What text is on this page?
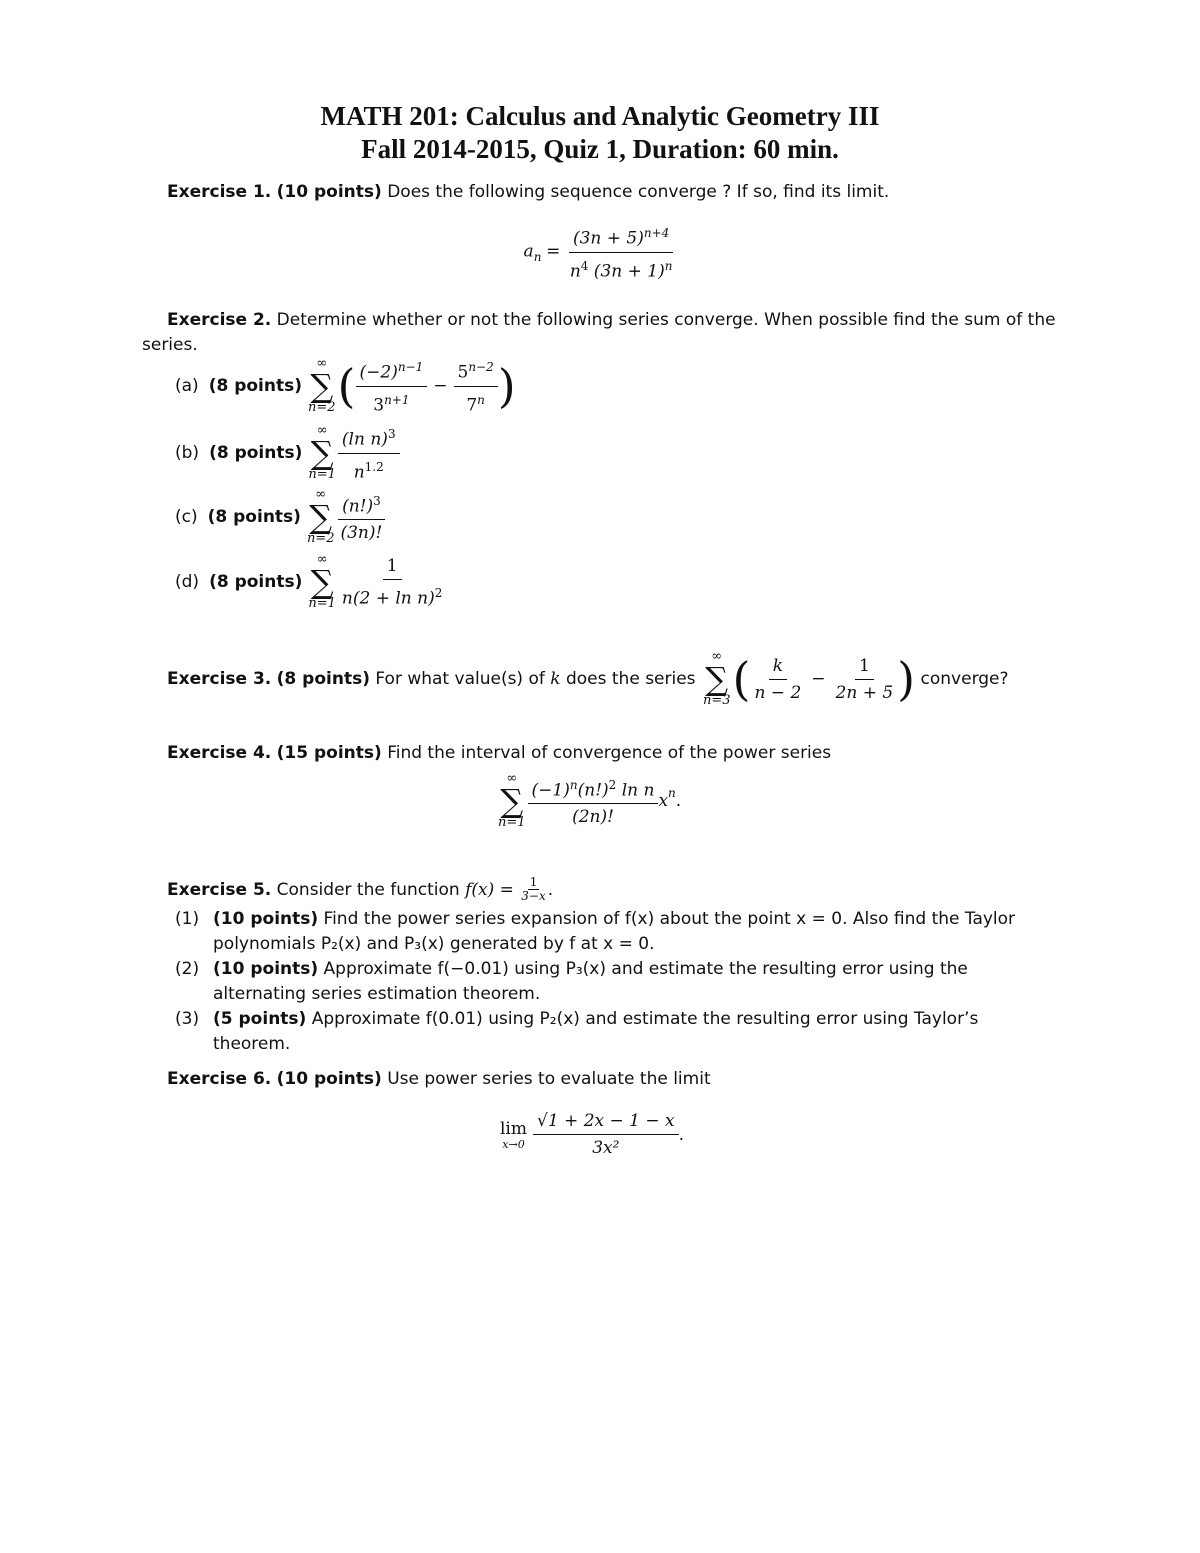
MATH 201: Calculus and Analytic Geometry III
Fall 2014-2015, Quiz 1, Duration: 60 min.
Exercise 1. (10 points) Does the following sequence converge ? If so, find its limit.
$a_n = \frac{(3n + 5)^{n+4}}{n^4 (3n + 1)^n}$
Exercise 2. Determine whether or not the following series converge. When possible find the sum of the series.
(a) (8 points)
∞
∑
n=2 ( $\frac{(-2)^{n-1}}{3^{n+1}} - \frac{5^{n-2}}{7^n}$ )
(b) (8 points)
∞
∑
$n=1 \frac{(\ln n)^3}{n^{1.2}}$
(c) (8 points)
∞
∑
$n=2 \frac{(n!)^3}{(3n)!}$
(d) (8 points)
∞
∑
$n=1 \frac{1}{n(2 + \ln n)^2}$
Exercise 3.
(8 points) For what value(s) of k does the series
∞
∑
n=3 ( $\frac{k}{n - 2} - \frac{1}{2n + 5}$ ) converge?
Exercise 4. (15 points) Find the interval of convergence of the power series
∞
∑
$n=1 \frac{(-1)^n(n!)^2 \ln n}{(2n)!} x^n$ .
Exercise 5. Consider the function $f(x) = \frac{1}{3-x}$ .
(1) (10 points) Find the power series expansion of f(x) about the point x = 0. Also find the Taylor polynomials P₂(x) and P₃(x) generated by f at x = 0.
(2) (10 points) Approximate f(−0.01) using P₃(x) and estimate the resulting error using the alternating series estimation theorem.
(3) (5 points) Approximate f(0.01) using P₂(x) and estimate the resulting error using Taylor’s theorem.
Exercise 6. (10 points) Use power series to evaluate the limit
lim
$x\to 0 \frac{√1 + 2x - 1 - x}{\text{3x²}}$ .
